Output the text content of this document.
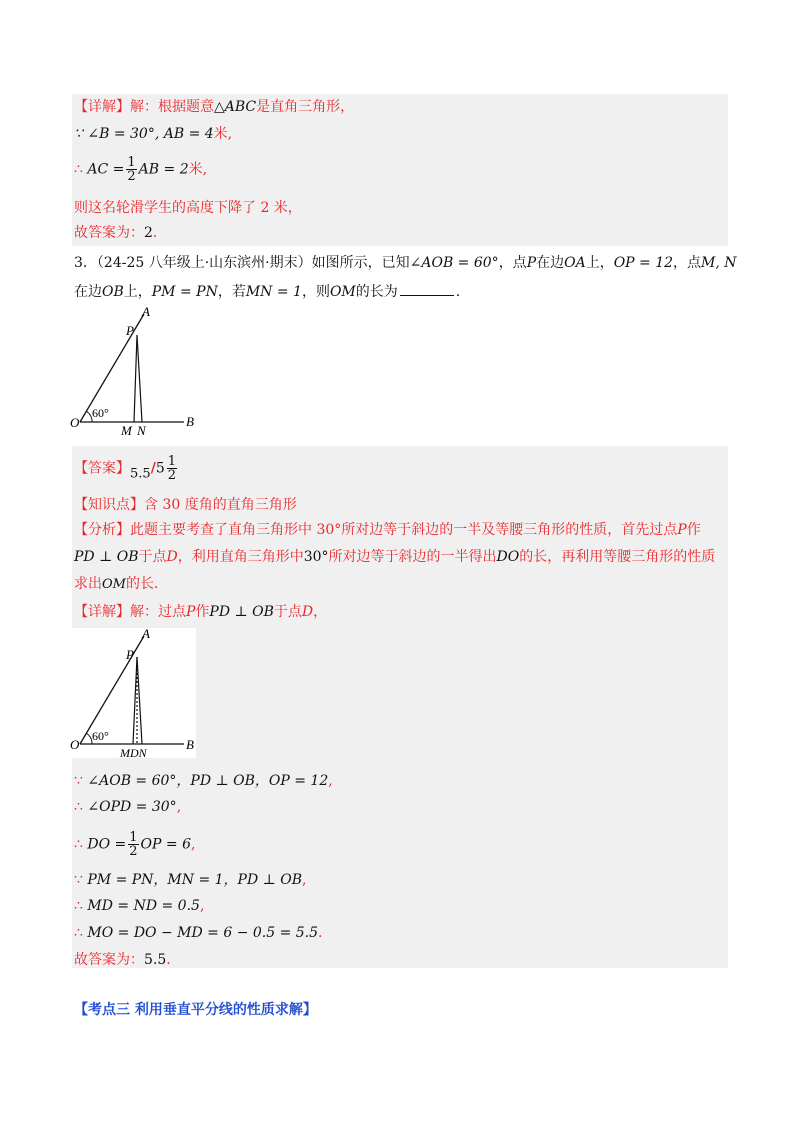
【详解】解：根据题意△ABC是直角三角形，
∵ ∠B = 30°, AB = 4米,
∴ AC = $\frac{1}{2}$ AB = 2米,
则这名轮滑学生的高度下降了 2 米，
故答案为：2.
3．（24-25 八年级上·山东滨州·期末）如图所示，已知∠AOB = 60°，点P在边OA上，OP = 12，点M, N
在边OB上，PM = PN，若MN = 1，则OM的长为	.
A
P
O	B
M N
60°
【答案】$5.5/5 \frac{1}{2}$
【知识点】含 30 度角的直角三角形
【分析】此题主要考查了直角三角形中 30°所对边等于斜边的一半及等腰三角形的性质，首先过点P作
PD ⊥ OB于点D，利用直角三角形中30°所对边等于斜边的一半得出DO的长，再利用等腰三角形的性质
求出OM的长．
【详解】解：过点P作PD ⊥ OB于点D，
A
P
O	B
MDN
60°
∵ ∠AOB = 60°，PD ⊥ OB，OP = 12,
∴ ∠OPD = 30°,
∴ DO = $\frac{1}{2}$ OP = 6,
∵ PM = PN，MN = 1，PD ⊥ OB,
∴ MD = ND = 0.5,
∴ MO = DO − MD = 6 − 0.5 = 5.5.
故答案为：5.5.
【考点三 利用垂直平分线的性质求解】
